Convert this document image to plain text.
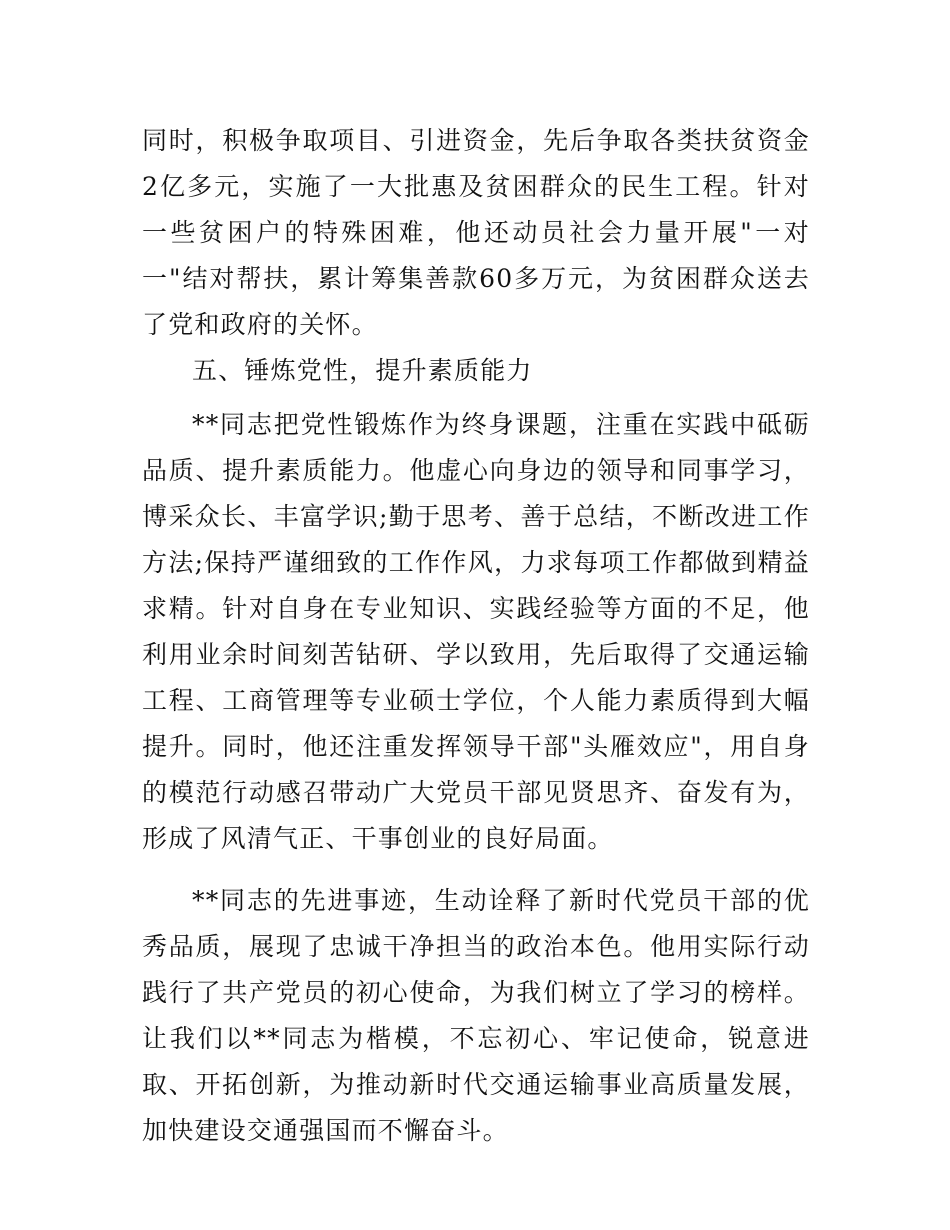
同时，积极争取项目、引进资金，先后争取各类扶贫资金2亿多元，实施了一大批惠及贫困群众的民生工程。针对一些贫困户的特殊困难，他还动员社会力量开展"一对一"结对帮扶，累计筹集善款60多万元，为贫困群众送去了党和政府的关怀。

五、锤炼党性，提升素质能力

**同志把党性锻炼作为终身课题，注重在实践中砥砺品质、提升素质能力。他虚心向身边的领导和同事学习，博采众长、丰富学识;勤于思考、善于总结，不断改进工作方法;保持严谨细致的工作作风，力求每项工作都做到精益求精。针对自身在专业知识、实践经验等方面的不足，他利用业余时间刻苦钻研、学以致用，先后取得了交通运输工程、工商管理等专业硕士学位，个人能力素质得到大幅提升。同时，他还注重发挥领导干部"头雁效应"，用自身的模范行动感召带动广大党员干部见贤思齐、奋发有为，形成了风清气正、干事创业的良好局面。

**同志的先进事迹，生动诠释了新时代党员干部的优秀品质，展现了忠诚干净担当的政治本色。他用实际行动践行了共产党员的初心使命，为我们树立了学习的榜样。让我们以**同志为楷模，不忘初心、牢记使命，锐意进取、开拓创新，为推动新时代交通运输事业高质量发展，加快建设交通强国而不懈奋斗。
